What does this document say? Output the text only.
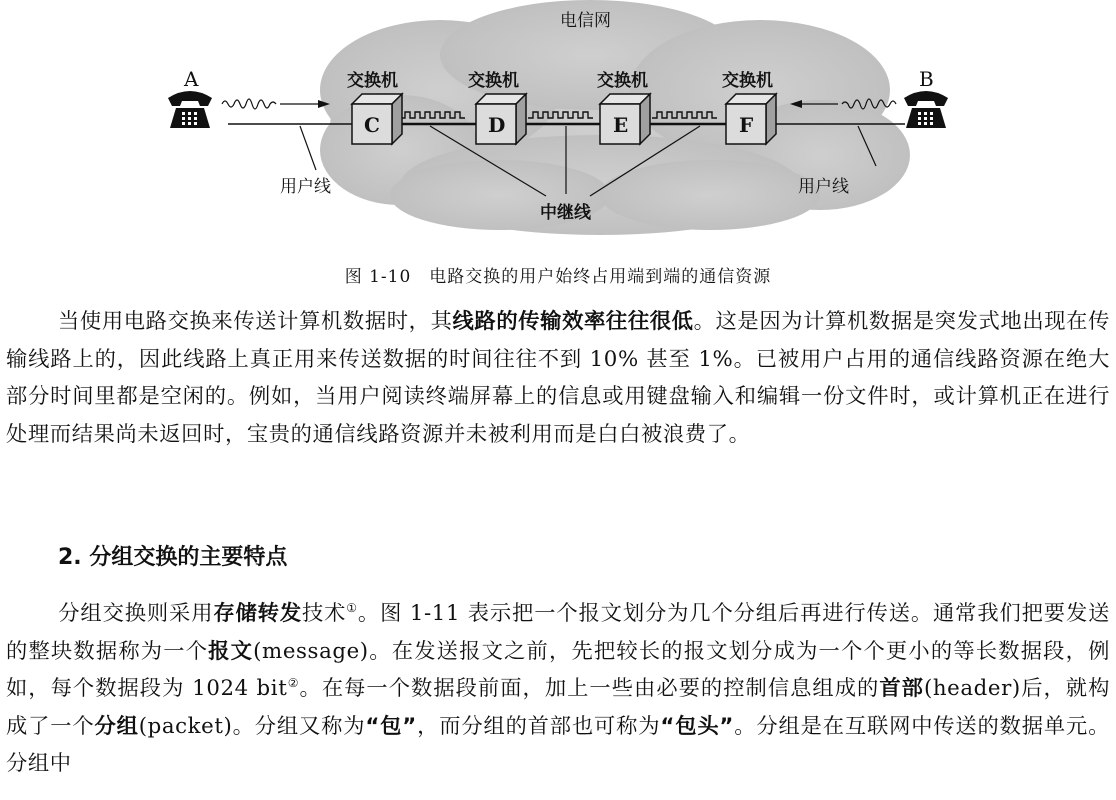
电信网
C	D	E	F
交换机	交换机	交换机	交换机
A	B
用户线	用户线
中继线
图 1-10　电路交换的用户始终占用端到端的通信资源

当使用电路交换来传送计算机数据时，其线路的传输效率往往很低。这是因为计算机数据是突发式地出现在传输线路上的，因此线路上真正用来传送数据的时间往往不到 10% 甚至 1%。已被用户占用的通信线路资源在绝大部分时间里都是空闲的。例如，当用户阅读终端屏幕上的信息或用键盘输入和编辑一份文件时，或计算机正在进行处理而结果尚未返回时，宝贵的通信线路资源并未被利用而是白白被浪费了。

2. 分组交换的主要特点

分组交换则采用存储转发技术①。图 1-11 表示把一个报文划分为几个分组后再进行传送。通常我们把要发送的整块数据称为一个报文(message)。在发送报文之前，先把较长的报文划分成为一个个更小的等长数据段，例如，每个数据段为 1024 bit②。在每一个数据段前面，加上一些由必要的控制信息组成的首部(header)后，就构成了一个分组(packet)。分组又称为“包”，而分组的首部也可称为“包头”。分组是在互联网中传送的数据单元。分组中
